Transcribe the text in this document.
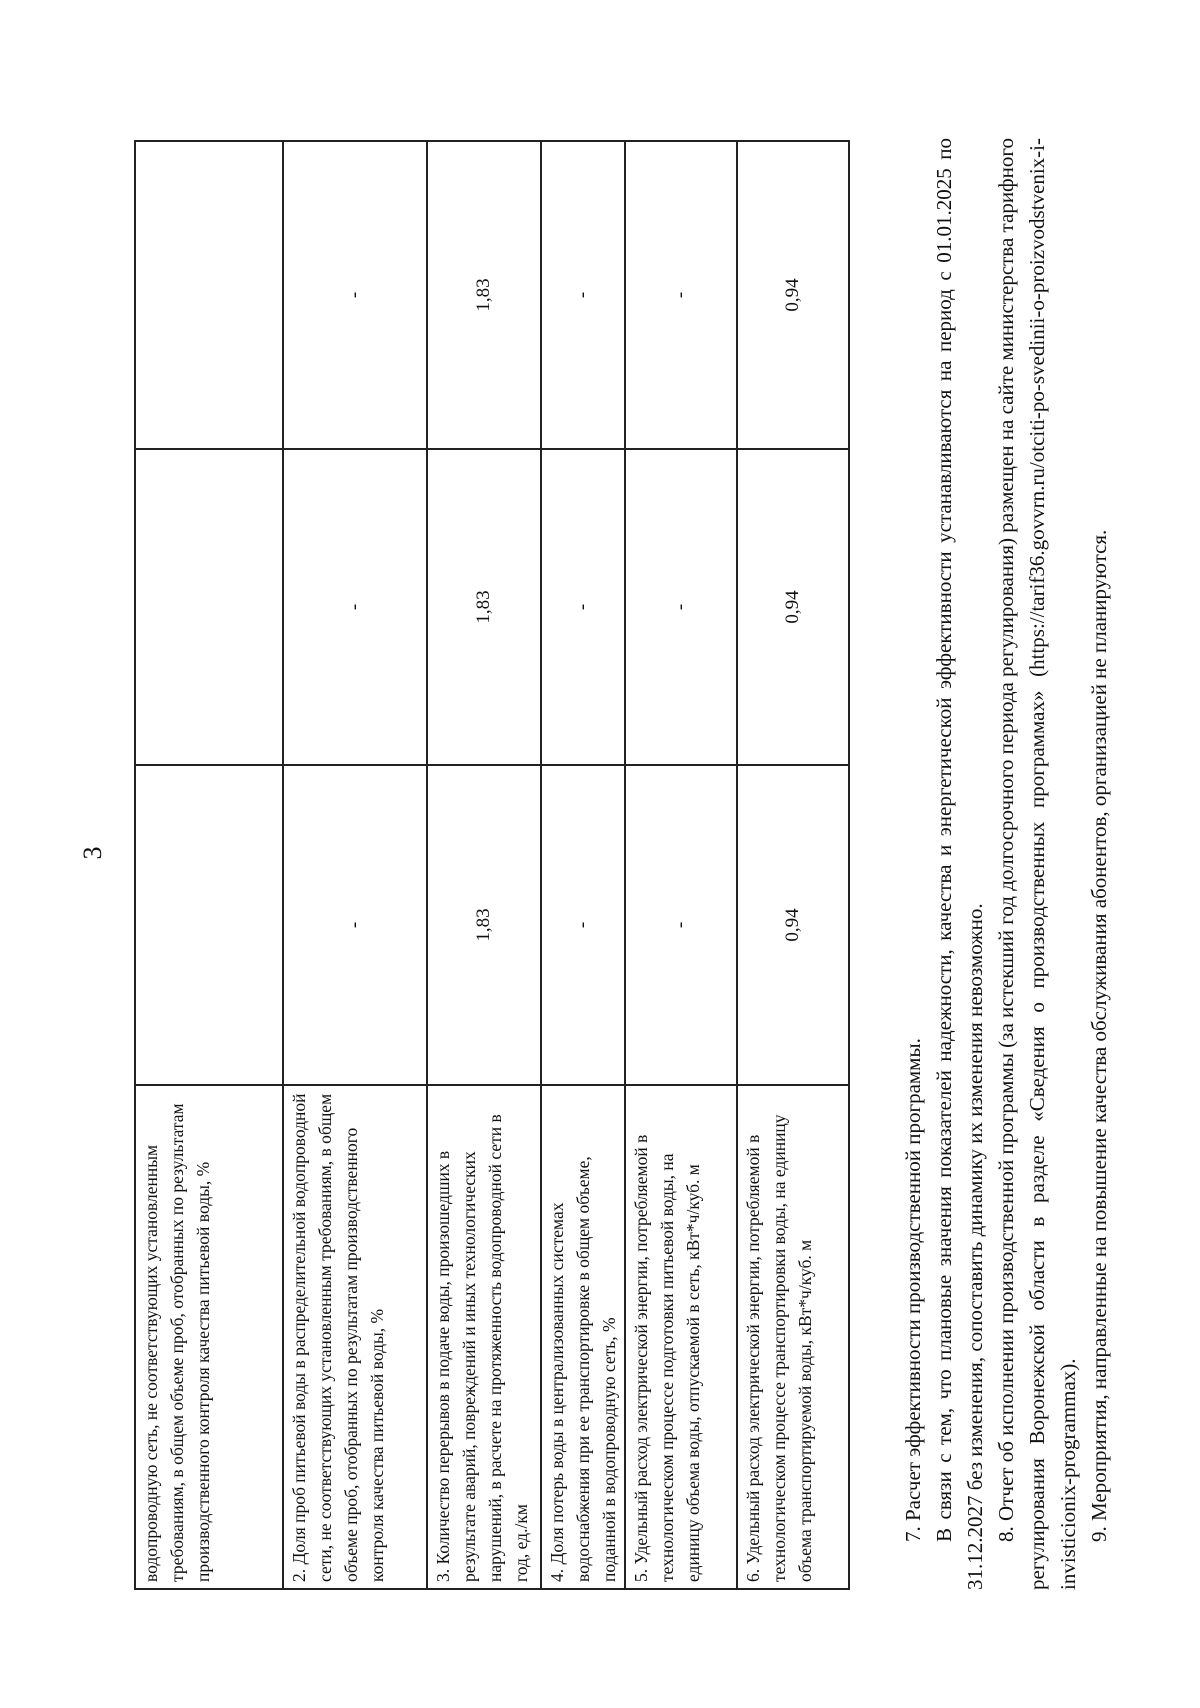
3
водопроводную сеть, не соответствующих установленным требованиям, в общем объеме проб, отобранных по результатам производственного контроля качества питьевой воды, %			
2. Доля проб питьевой воды в распределительной водопроводной сети, не соответствующих установленным требованиям, в общем объеме проб, отобранных по результатам производственного контроля качества питьевой воды, %	-	-	-
3. Количество перерывов в подаче воды, произошедших в результате аварий, повреждений и иных технологических нарушений, в расчете на протяженность водопроводной сети в год, ед./км	1,83	1,83	1,83
4. Доля потерь воды в централизованных системах водоснабжения при ее транспортировке в общем объеме, поданной в водопроводную сеть, %	-	-	-
5. Удельный расход электрической энергии, потребляемой в технологическом процессе подготовки питьевой воды, на единицу объема воды, отпускаемой в сеть, кВт*ч/куб. м	-	-	-
6. Удельный расход электрической энергии, потребляемой в технологическом процессе транспортировки воды, на единицу объема транспортируемой воды, кВт*ч/куб. м	0,94	0,94	0,94

7. Расчет эффективности производственной программы. В связи с тем, что плановые значения показателей надежности, качества и энергетической эффективности устанавливаются на период с 01.01.2025 по 31.12.2027 без изменения, сопоставить динамику их изменения невозможно. 8. Отчет об исполнении производственной программы (за истекший год долгосрочного периода регулирования) размещен на сайте министерства тарифного регулирования Воронежской области в разделе «Сведения о производственных программах» (https://tarif36.govvrn.ru/otciti-po-svedinii-o-proizvodstvenix-i-invisticionix-programmax). 9. Мероприятия, направленные на повышение качества обслуживания абонентов, организацией не планируются.
